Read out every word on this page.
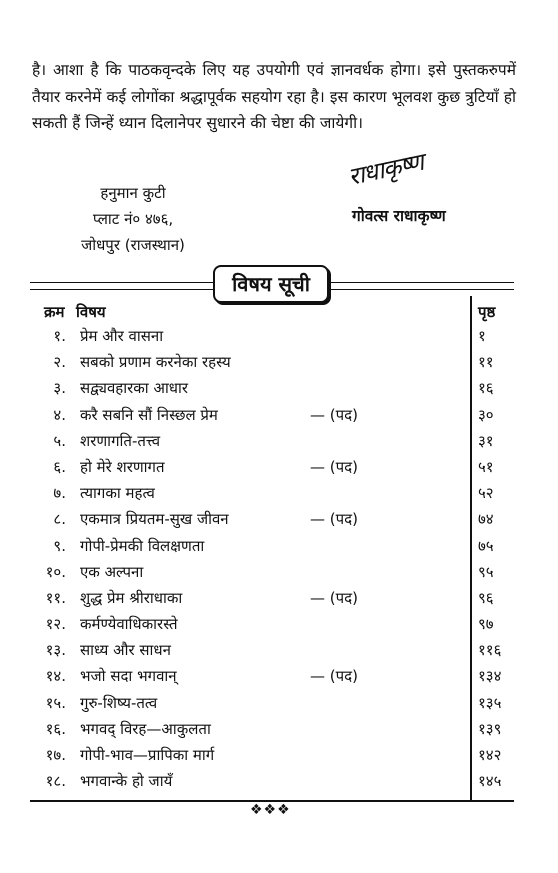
है। आशा है कि पाठकवृन्दके लिए यह उपयोगी एवं ज्ञानवर्धक होगा। इसे पुस्तकरुपमें तैयार करनेमें कई लोगोंका श्रद्धापूर्वक सहयोग रहा है। इस कारण भूलवश कुछ त्रुटियाँ हो सकती हैं जिन्हें ध्यान दिलानेपर सुधारने की चेष्टा की जायेगी।
हनुमान कुटी
प्लाट नं० ४७६,
जोधपुर (राजस्थान)
राधाकृष्ण
गोवत्स राधाकृष्ण
विषय सूची
क्रम विषय	पृष्ठ
१. प्रेम और वासना	१
२. सबको प्रणाम करनेका रहस्य	११
३. सद्व्यवहारका आधार	१६
४. करै सबनि सौं निस्छल प्रेम	— (पद)	३०
५. शरणागति-तत्त्व	३१
६. हो मेरे शरणागत	— (पद)	५१
७. त्यागका महत्व	५२
८. एकमात्र प्रियतम-सुख जीवन	— (पद)	७४
९. गोपी-प्रेमकी विलक्षणता	७५
१०. एक अल्पना	९५
११. शुद्ध प्रेम श्रीराधाका	— (पद)	९६
१२. कर्मण्येवाधिकारस्ते	९७
१३. साध्य और साधन	११६
१४. भजो सदा भगवान्	— (पद)	१३४
१५. गुरु-शिष्य-तत्व	१३५
१६. भगवद् विरह—आकुलता	१३९
१७. गोपी-भाव—प्रापिका मार्ग	१४२
१८. भगवान्के हो जायँ	१४५
❖❖❖
